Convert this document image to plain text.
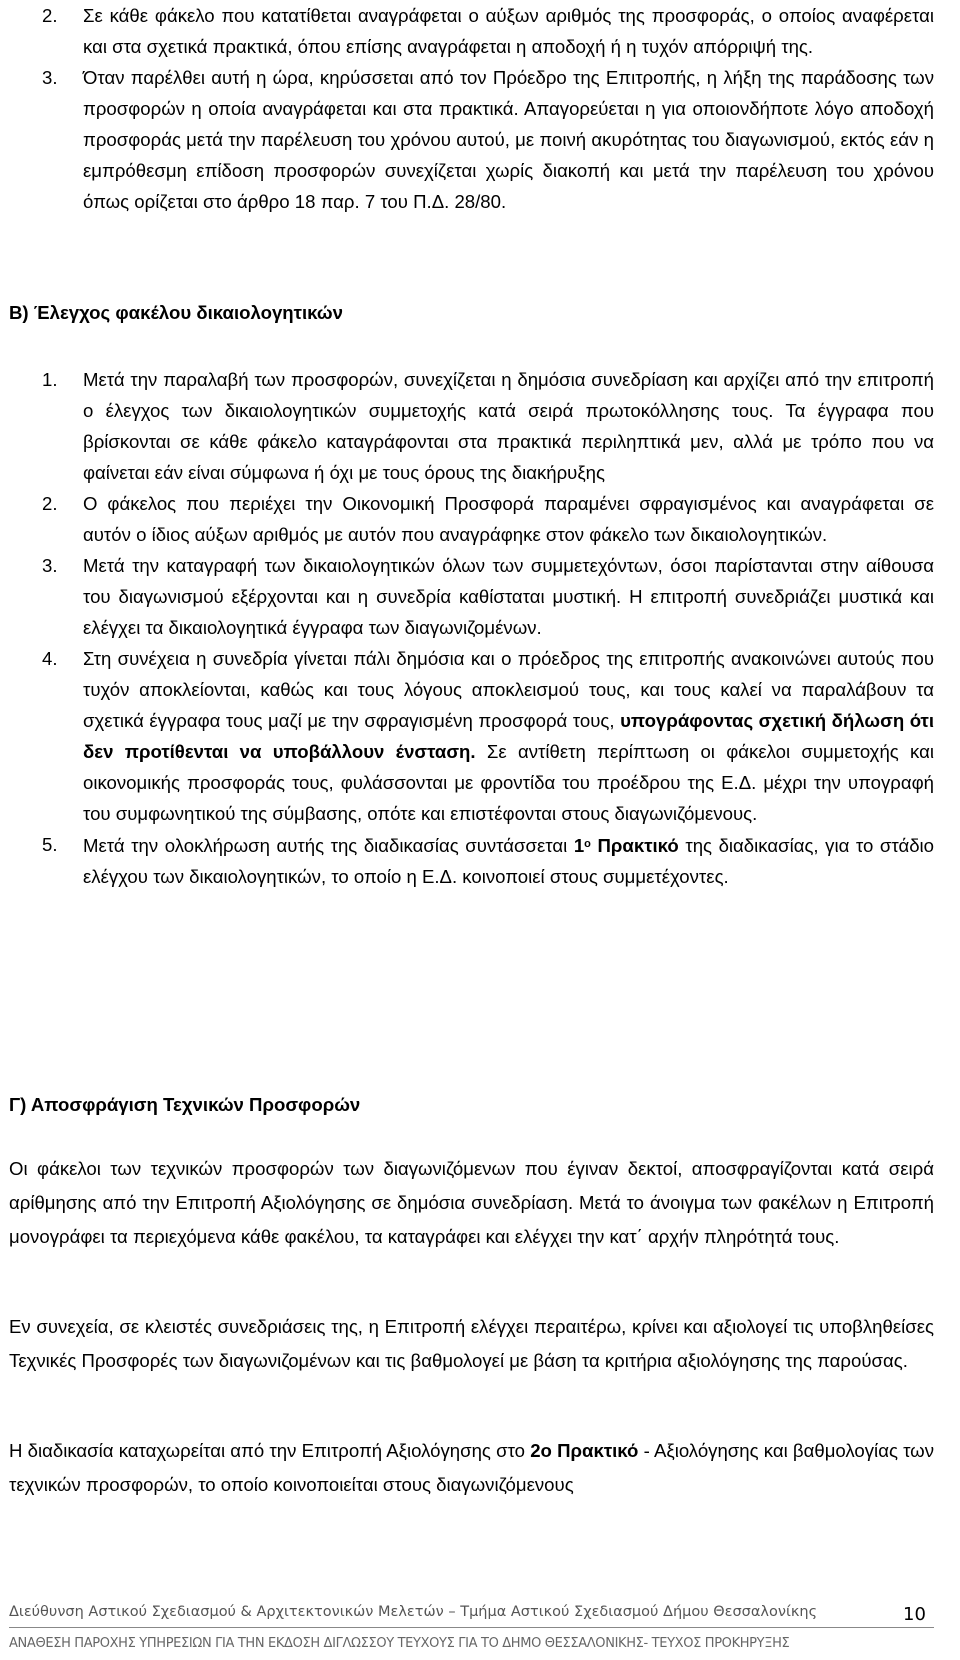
2. Σε κάθε φάκελο που κατατίθεται αναγράφεται ο αύξων αριθμός της προσφοράς, ο οποίος αναφέρεται και στα σχετικά πρακτικά, όπου επίσης αναγράφεται η αποδοχή ή η τυχόν απόρριψή της.
3. Όταν παρέλθει αυτή η ώρα, κηρύσσεται από τον Πρόεδρο της Επιτροπής, η λήξη της παράδοσης των προσφορών η οποία αναγράφεται και στα πρακτικά. Απαγορεύεται η για οποιονδήποτε λόγο αποδοχή προσφοράς μετά την παρέλευση του χρόνου αυτού, με ποινή ακυρότητας του διαγωνισμού, εκτός εάν η εμπρόθεσμη επίδοση προσφορών συνεχίζεται χωρίς διακοπή και μετά την παρέλευση του χρόνου όπως ορίζεται στο άρθρο 18 παρ. 7 του Π.Δ. 28/80.
Β) Έλεγχος φακέλου δικαιολογητικών
1. Μετά την παραλαβή των προσφορών, συνεχίζεται η δημόσια συνεδρίαση και αρχίζει από την επιτροπή ο έλεγχος των δικαιολογητικών συμμετοχής κατά σειρά πρωτοκόλλησης τους. Τα έγγραφα που βρίσκονται σε κάθε φάκελο καταγράφονται στα πρακτικά περιληπτικά μεν, αλλά με τρόπο που να φαίνεται εάν είναι σύμφωνα ή όχι με τους όρους της διακήρυξης
2. Ο φάκελος που περιέχει την Οικονομική Προσφορά παραμένει σφραγισμένος και αναγράφεται σε αυτόν ο ίδιος αύξων αριθμός με αυτόν που αναγράφηκε στον φάκελο των δικαιολογητικών.
3. Μετά την καταγραφή των δικαιολογητικών όλων των συμμετεχόντων, όσοι παρίστανται στην αίθουσα του διαγωνισμού εξέρχονται και η συνεδρία καθίσταται μυστική. Η επιτροπή συνεδριάζει μυστικά και ελέγχει τα δικαιολογητικά έγγραφα των διαγωνιζομένων.
4. Στη συνέχεια η συνεδρία γίνεται πάλι δημόσια και ο πρόεδρος της επιτροπής ανακοινώνει αυτούς που τυχόν αποκλείονται, καθώς και τους λόγους αποκλεισμού τους, και τους καλεί να παραλάβουν τα σχετικά έγγραφα τους μαζί με την σφραγισμένη προσφορά τους, υπογράφοντας σχετική δήλωση ότι δεν προτίθενται να υποβάλλουν ένσταση. Σε αντίθετη περίπτωση οι φάκελοι συμμετοχής και οικονομικής προσφοράς τους, φυλάσσονται με φροντίδα του προέδρου της Ε.Δ. μέχρι την υπογραφή του συμφωνητικού της σύμβασης, οπότε και επιστέφονται στους διαγωνιζόμενους.
5. Μετά την ολοκλήρωση αυτής της διαδικασίας συντάσσεται $1^o$ Πρακτικό της διαδικασίας, για το στάδιο ελέγχου των δικαιολογητικών, το οποίο η Ε.Δ. κοινοποιεί στους συμμετέχοντες.
Γ) Αποσφράγιση Τεχνικών Προσφορών

Οι φάκελοι των τεχνικών προσφορών των διαγωνιζόμενων που έγιναν δεκτοί, αποσφραγίζονται κατά σειρά αρίθμησης από την Επιτροπή Αξιολόγησης σε δημόσια συνεδρίαση. Μετά το άνοιγμα των φακέλων η Επιτροπή μονογράφει τα περιεχόμενα κάθε φακέλου, τα καταγράφει και ελέγχει την κατ΄ αρχήν πληρότητά τους.

Εν συνεχεία, σε κλειστές συνεδριάσεις της, η Επιτροπή ελέγχει περαιτέρω, κρίνει και αξιολογεί τις υποβληθείσες Τεχνικές Προσφορές των διαγωνιζομένων και τις βαθμολογεί με βάση τα κριτήρια αξιολόγησης της παρούσας.

Η διαδικασία καταχωρείται από την Επιτροπή Αξιολόγησης στο 2ο Πρακτικό - Αξιολόγησης και βαθμολογίας των τεχνικών προσφορών, το οποίο κοινοποιείται στους διαγωνιζόμενους

Διεύθυνση Αστικού Σχεδιασμού & Αρχιτεκτονικών Μελετών – Τμήμα Αστικού Σχεδιασμού Δήμου Θεσσαλονίκης	10
ΑΝΑΘΕΣΗ ΠΑΡΟΧΗΣ ΥΠΗΡΕΣΙΩΝ ΓΙΑ ΤΗΝ ΕΚΔΟΣΗ ΔΙΓΛΩΣΣΟΥ ΤΕΥΧΟΥΣ ΓΙΑ ΤΟ ΔΗΜΟ ΘΕΣΣΑΛΟΝΙΚΗΣ- ΤΕΥΧΟΣ ΠΡΟΚΗΡΥΞΗΣ
